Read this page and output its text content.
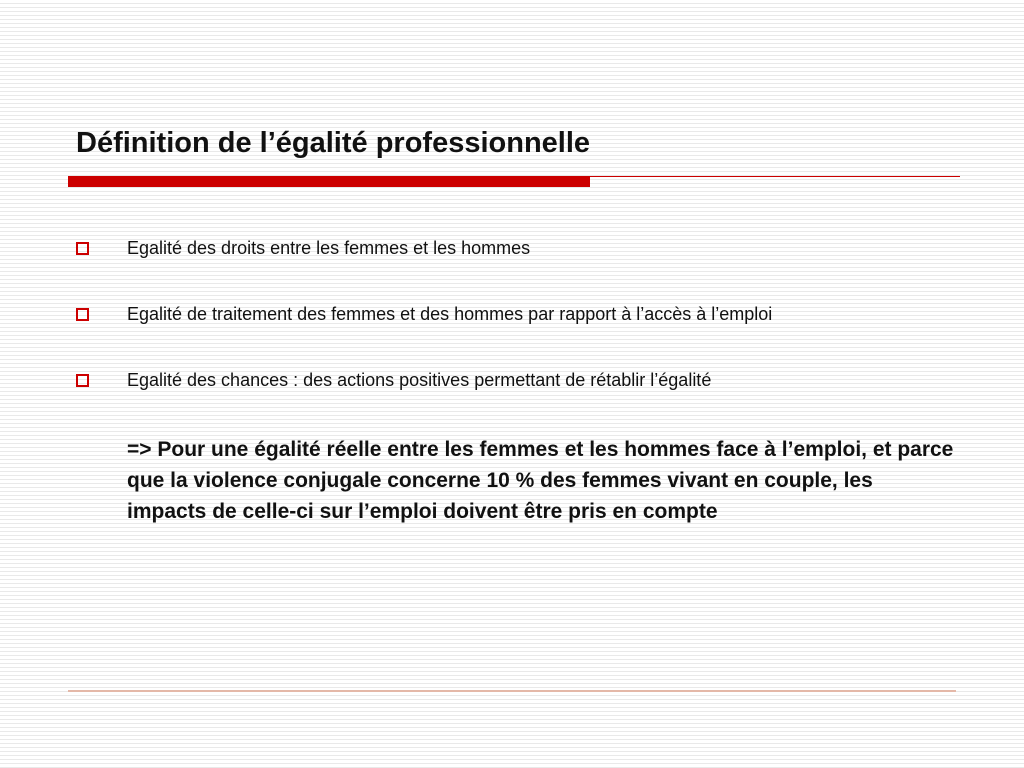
Définition de l’égalité professionnelle
Egalité des droits entre les femmes et les hommes
Egalité de traitement des femmes et des hommes par rapport à l’accès à l’emploi
Egalité des chances : des actions positives permettant de rétablir l’égalité

=> Pour une égalité réelle entre les femmes et les hommes face à l’emploi, et parce que la violence conjugale concerne 10 % des femmes vivant en couple, les impacts de celle-ci sur l’emploi doivent être pris en compte
